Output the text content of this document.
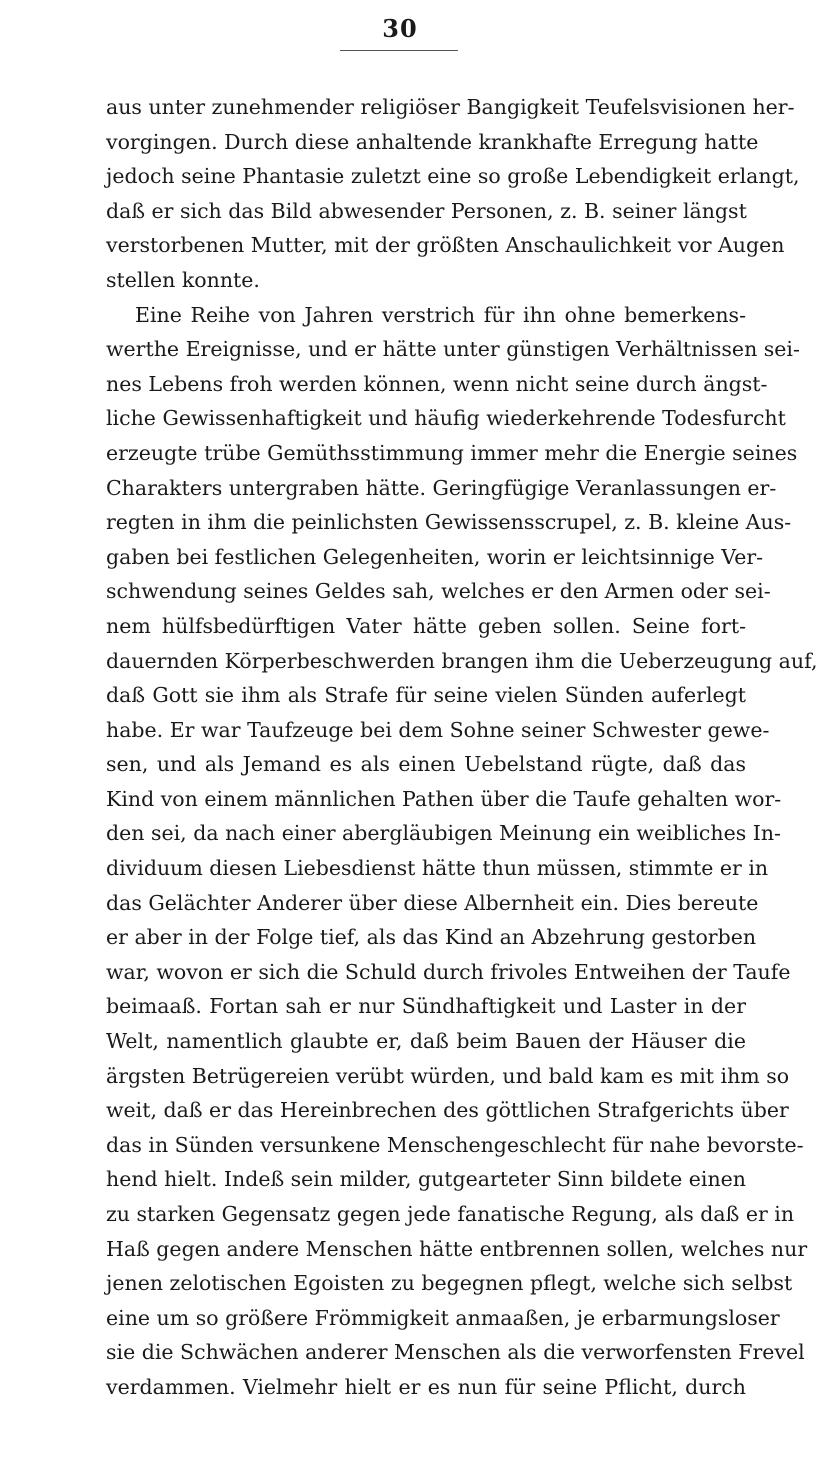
30
aus unter zunehmender religiöser Bangigkeit Teufelsvisionen her-
vorgingen. Durch diese anhaltende krankhafte Erregung hatte
jedoch seine Phantasie zuletzt eine so große Lebendigkeit erlangt,
daß er sich das Bild abwesender Personen, z. B. seiner längst
verstorbenen Mutter, mit der größten Anschaulichkeit vor Augen
stellen konnte.
Eine Reihe von Jahren verstrich für ihn ohne bemerkens-
werthe Ereignisse, und er hätte unter günstigen Verhältnissen sei-
nes Lebens froh werden können, wenn nicht seine durch ängst-
liche Gewissenhaftigkeit und häufig wiederkehrende Todesfurcht
erzeugte trübe Gemüthsstimmung immer mehr die Energie seines
Charakters untergraben hätte. Geringfügige Veranlassungen er-
regten in ihm die peinlichsten Gewissensscrupel, z. B. kleine Aus-
gaben bei festlichen Gelegenheiten, worin er leichtsinnige Ver-
schwendung seines Geldes sah, welches er den Armen oder sei-
nem hülfsbedürftigen Vater hätte geben sollen. Seine fort-
dauernden Körperbeschwerden brangen ihm die Ueberzeugung auf,
daß Gott sie ihm als Strafe für seine vielen Sünden auferlegt
habe. Er war Taufzeuge bei dem Sohne seiner Schwester gewe-
sen, und als Jemand es als einen Uebelstand rügte, daß das
Kind von einem männlichen Pathen über die Taufe gehalten wor-
den sei, da nach einer abergläubigen Meinung ein weibliches In-
dividuum diesen Liebesdienst hätte thun müssen, stimmte er in
das Gelächter Anderer über diese Albernheit ein. Dies bereute
er aber in der Folge tief, als das Kind an Abzehrung gestorben
war, wovon er sich die Schuld durch frivoles Entweihen der Taufe
beimaaß. Fortan sah er nur Sündhaftigkeit und Laster in der
Welt, namentlich glaubte er, daß beim Bauen der Häuser die
ärgsten Betrügereien verübt würden, und bald kam es mit ihm so
weit, daß er das Hereinbrechen des göttlichen Strafgerichts über
das in Sünden versunkene Menschengeschlecht für nahe bevorste-
hend hielt. Indeß sein milder, gutgearteter Sinn bildete einen
zu starken Gegensatz gegen jede fanatische Regung, als daß er in
Haß gegen andere Menschen hätte entbrennen sollen, welches nur
jenen zelotischen Egoisten zu begegnen pflegt, welche sich selbst
eine um so größere Frömmigkeit anmaaßen, je erbarmungsloser
sie die Schwächen anderer Menschen als die verworfensten Frevel
verdammen. Vielmehr hielt er es nun für seine Pflicht, durch
